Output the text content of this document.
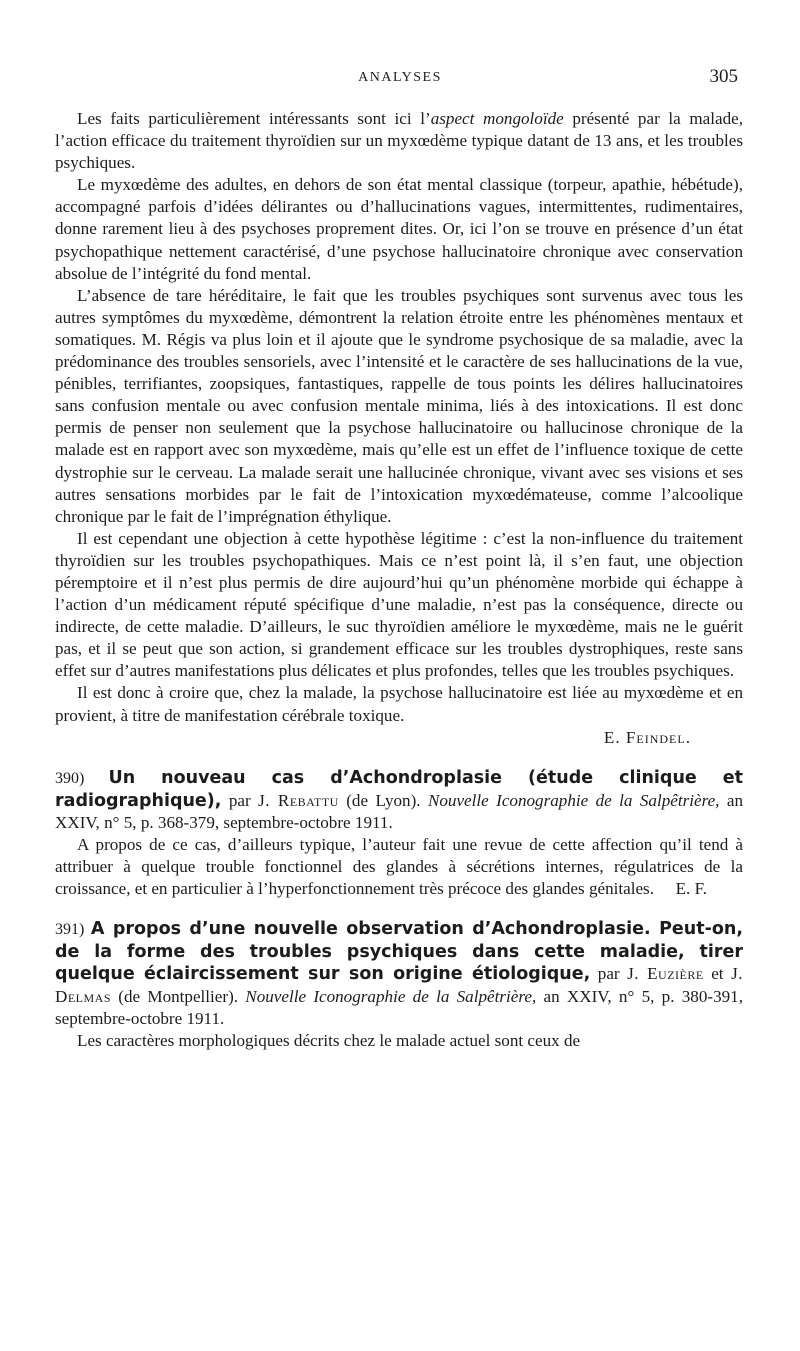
ANALYSES	305

Les faits particulièrement intéressants sont ici l’aspect mongoloïde présenté par la malade, l’action efficace du traitement thyroïdien sur un myxœdème typique datant de 13 ans, et les troubles psychiques.

Le myxœdème des adultes, en dehors de son état mental classique (torpeur, apathie, hébétude), accompagné parfois d’idées délirantes ou d’hallucinations vagues, intermittentes, rudimentaires, donne rarement lieu à des psychoses proprement dites. Or, ici l’on se trouve en présence d’un état psychopathique nettement caractérisé, d’une psychose hallucinatoire chronique avec conservation absolue de l’intégrité du fond mental.

L’absence de tare héréditaire, le fait que les troubles psychiques sont survenus avec tous les autres symptômes du myxœdème, démontrent la relation étroite entre les phénomènes mentaux et somatiques. M. Régis va plus loin et il ajoute que le syndrome psychosique de sa maladie, avec la prédominance des troubles sensoriels, avec l’intensité et le caractère de ses hallucinations de la vue, pénibles, terrifiantes, zoopsiques, fantastiques, rappelle de tous points les délires hallucinatoires sans confusion mentale ou avec confusion mentale minima, liés à des intoxications. Il est donc permis de penser non seulement que la psychose hallucinatoire ou hallucinose chronique de la malade est en rapport avec son myxœdème, mais qu’elle est un effet de l’influence toxique de cette dystrophie sur le cerveau. La malade serait une hallucinée chronique, vivant avec ses visions et ses autres sensations morbides par le fait de l’intoxication myxœdémateuse, comme l’alcoolique chronique par le fait de l’imprégnation éthylique.

Il est cependant une objection à cette hypothèse légitime : c’est la non-influence du traitement thyroïdien sur les troubles psychopathiques. Mais ce n’est point là, il s’en faut, une objection péremptoire et il n’est plus permis de dire aujourd’hui qu’un phénomène morbide qui échappe à l’action d’un médicament réputé spécifique d’une maladie, n’est pas la conséquence, directe ou indirecte, de cette maladie. D’ailleurs, le suc thyroïdien améliore le myxœdème, mais ne le guérit pas, et il se peut que son action, si grandement efficace sur les troubles dystrophiques, reste sans effet sur d’autres manifestations plus délicates et plus profondes, telles que les troubles psychiques.

Il est donc à croire que, chez la malade, la psychose hallucinatoire est liée au myxœdème et en provient, à titre de manifestation cérébrale toxique.

E. Feindel.
390) Un nouveau cas d’Achondroplasie (étude clinique et radiographique), par J. Rebattu (de Lyon). Nouvelle Iconographie de la Salpêtrière, an XXIV, n° 5, p. 368-379, septembre-octobre 1911.

A propos de ce cas, d’ailleurs typique, l’auteur fait une revue de cette affection qu’il tend à attribuer à quelque trouble fonctionnel des glandes à sécrétions internes, régulatrices de la croissance, et en particulier à l’hyperfonctionnement très précoce des glandes génitales. E. F.

391) A propos d’une nouvelle observation d’Achondroplasie. Peut-on, de la forme des troubles psychiques dans cette maladie, tirer quelque éclaircissement sur son origine étiologique, par J. Euzière et J. Delmas (de Montpellier). Nouvelle Iconographie de la Salpêtrière, an XXIV, n° 5, p. 380-391, septembre-octobre 1911.

Les caractères morphologiques décrits chez le malade actuel sont ceux de
